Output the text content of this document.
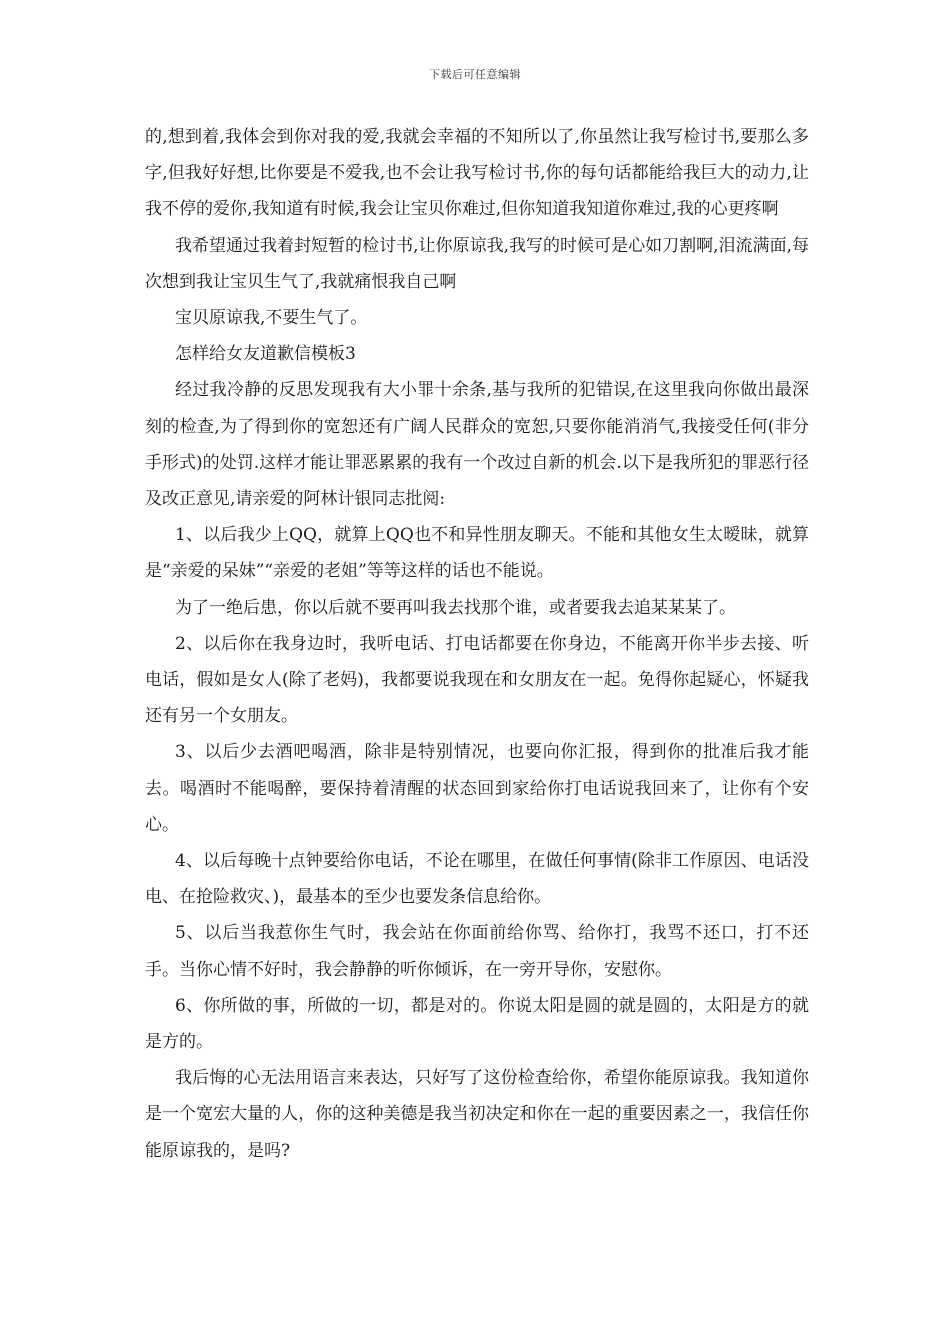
下载后可任意编辑

的,想到着,我体会到你对我的爱,我就会幸福的不知所以了,你虽然让我写检讨书,要那么多字,但我好好想,比你要是不爱我,也不会让我写检讨书,你的每句话都能给我巨大的动力,让我不停的爱你,我知道有时候,我会让宝贝你难过,但你知道我知道你难过,我的心更疼啊

我希望通过我着封短暂的检讨书,让你原谅我,我写的时候可是心如刀割啊,泪流满面,每次想到我让宝贝生气了,我就痛恨我自己啊

宝贝原谅我,不要生气了。

怎样给女友道歉信模板3

经过我冷静的反思发现我有大小罪十余条,基与我所的犯错误,在这里我向你做出最深刻的检查,为了得到你的宽恕还有广阔人民群众的宽恕,只要你能消消气,我接受任何(非分手形式)的处罚.这样才能让罪恶累累的我有一个改过自新的机会.以下是我所犯的罪恶行径及改正意见,请亲爱的阿林计银同志批阅:

1、以后我少上QQ，就算上QQ也不和异性朋友聊天。不能和其他女生太暧昧，就算是“亲爱的呆妹”“亲爱的老姐”等等这样的话也不能说。

为了一绝后患，你以后就不要再叫我去找那个谁，或者要我去追某某某了。

2、以后你在我身边时，我听电话、打电话都要在你身边，不能离开你半步去接、听电话，假如是女人(除了老妈)，我都要说我现在和女朋友在一起。免得你起疑心，怀疑我还有另一个女朋友。

3、以后少去酒吧喝酒，除非是特别情况，也要向你汇报，得到你的批准后我才能去。喝酒时不能喝醉，要保持着清醒的状态回到家给你打电话说我回来了，让你有个安心。

4、以后每晚十点钟要给你电话，不论在哪里，在做任何事情(除非工作原因、电话没电、在抢险救灾、)，最基本的至少也要发条信息给你。

5、以后当我惹你生气时，我会站在你面前给你骂、给你打，我骂不还口，打不还手。当你心情不好时，我会静静的听你倾诉，在一旁开导你，安慰你。

6、你所做的事，所做的一切，都是对的。你说太阳是圆的就是圆的，太阳是方的就是方的。

我后悔的心无法用语言来表达，只好写了这份检查给你，希望你能原谅我。我知道你是一个宽宏大量的人，你的这种美德是我当初决定和你在一起的重要因素之一，我信任你能原谅我的，是吗?
